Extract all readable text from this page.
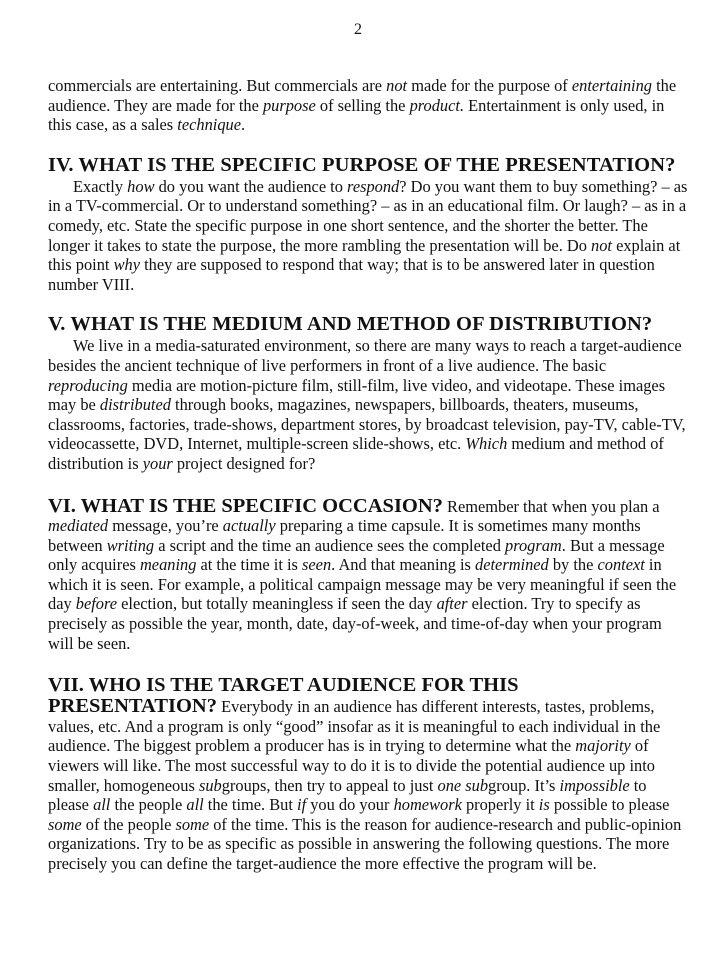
2

commercials are entertaining. But commercials are not made for the purpose of entertaining the audience. They are made for the purpose of selling the product. Entertainment is only used, in this case, as a sales technique.

IV. WHAT IS THE SPECIFIC PURPOSE OF THE PRESENTATION?

Exactly how do you want the audience to respond? Do you want them to buy something? – as in a TV-commercial. Or to understand something? – as in an educational film. Or laugh? – as in a comedy, etc. State the specific purpose in one short sentence, and the shorter the better. The longer it takes to state the purpose, the more rambling the presentation will be. Do not explain at this point why they are supposed to respond that way; that is to be answered later in question number VIII.

V. WHAT IS THE MEDIUM AND METHOD OF DISTRIBUTION?

We live in a media-saturated environment, so there are many ways to reach a target-audience besides the ancient technique of live performers in front of a live audience. The basic reproducing media are motion-picture film, still-film, live video, and videotape. These images may be distributed through books, magazines, newspapers, billboards, theaters, museums, classrooms, factories, trade-shows, department stores, by broadcast television, pay-TV, cable-TV, videocassette, DVD, Internet, multiple-screen slide-shows, etc. Which medium and method of distribution is your project designed for?

VI. WHAT IS THE SPECIFIC OCCASION? Remember that when you plan a mediated message, you’re actually preparing a time capsule. It is sometimes many months between writing a script and the time an audience sees the completed program. But a message only acquires meaning at the time it is seen. And that meaning is determined by the context in which it is seen. For example, a political campaign message may be very meaningful if seen the day before election, but totally meaningless if seen the day after election. Try to specify as precisely as possible the year, month, date, day-of-week, and time-of-day when your program will be seen.

VII. WHO IS THE TARGET AUDIENCE FOR THIS
PRESENTATION? Everybody in an audience has different interests, tastes, problems, values, etc. And a program is only “good” insofar as it is meaningful to each individual in the audience. The biggest problem a producer has is in trying to determine what the majority of viewers will like. The most successful way to do it is to divide the potential audience up into smaller, homogeneous subgroups, then try to appeal to just one subgroup. It’s impossible to please all the people all the time. But if you do your homework properly it is possible to please some of the people some of the time. This is the reason for audience-research and public-opinion organizations. Try to be as specific as possible in answering the following questions. The more precisely you can define the target-audience the more effective the program will be.
